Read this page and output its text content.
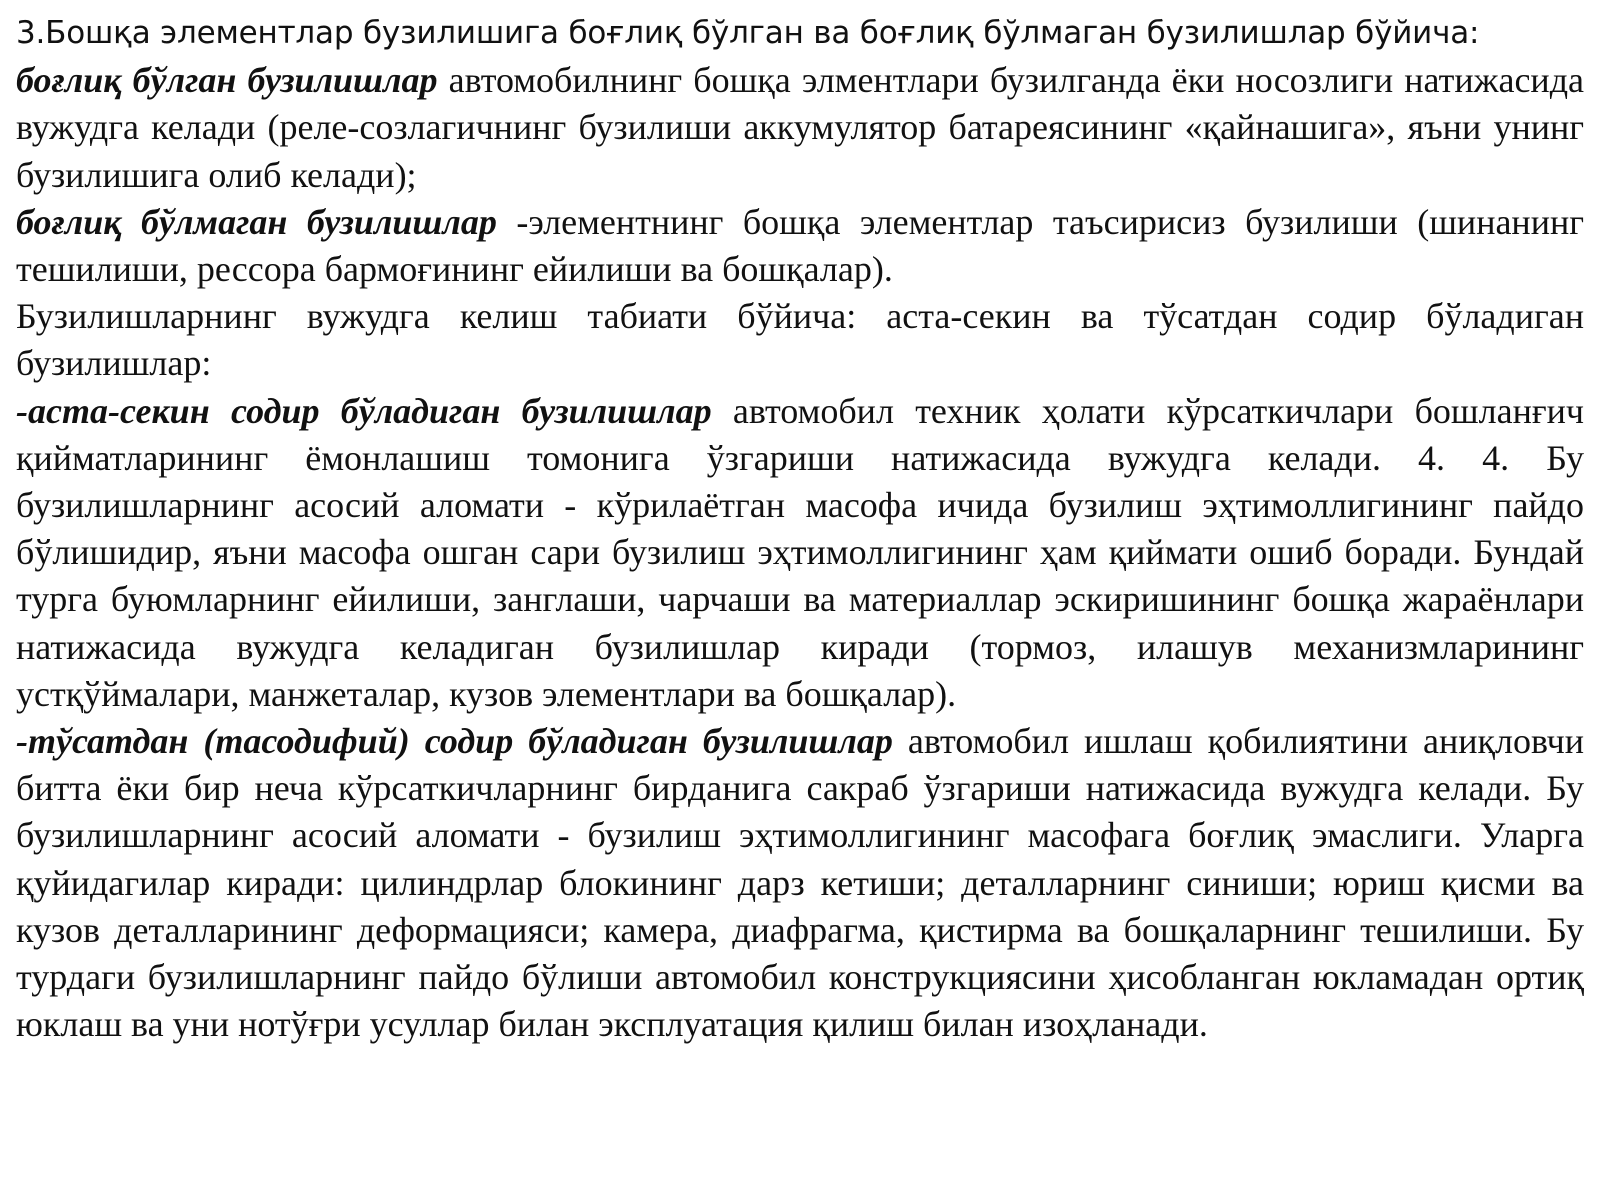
3.Бошқа элементлар бузилишига боғлиқ бўлган ва боғлиқ бўлмаган бузилишлар бўйича:

боғлиқ бўлган бузилишлар автомобилнинг бошқа элментлари бузилганда ёки носозлиги натижасида вужудга келади (реле-созлагичнинг бузилиши аккумулятор батареясининг «қайнашига», яъни унинг бузилишига олиб келади);

боғлиқ бўлмаган бузилишлар -элементнинг бошқа элементлар таъсирисиз бузилиши (шинанинг тешилиши, рессора бармоғининг ейилиши ва бошқалар).

Бузилишларнинг вужудга келиш табиати бўйича: аста-секин ва тўсатдан содир бўладиган бузилишлар:

-аста-секин содир бўладиган бузилишлар автомобил техник ҳолати кўрсаткичлари бошланғич қийматларининг ёмонлашиш томонига ўзгариши натижасида вужудга келади. 4. 4. Бу бузилишларнинг асосий аломати - кўрилаётган масофа ичида бузилиш эҳтимоллигининг пайдо бўлишидир, яъни масофа ошган сари бузилиш эҳтимоллигининг ҳам қиймати ошиб боради. Бундай турга буюмларнинг ейилиши, занглаши, чарчаши ва материаллар эскиришининг бошқа жараёнлари натижасида вужудга келадиган бузилишлар киради (тормоз, илашув механизмларининг устқўймалари, манжеталар, кузов элементлари ва бошқалар).

-тўсатдан (тасодифий) содир бўладиган бузилишлар автомобил ишлаш қобилиятини аниқловчи битта ёки бир неча кўрсаткичларнинг бирданига сакраб ўзгариши натижасида вужудга келади. Бу бузилишларнинг асосий аломати - бузилиш эҳтимоллигининг масофага боғлиқ эмаслиги. Уларга қуйидагилар киради: цилиндрлар блокининг дарз кетиши; деталларнинг синиши; юриш қисми ва кузов деталларининг деформацияси; камера, диафрагма, қистирма ва бошқаларнинг тешилиши. Бу турдаги бузилишларнинг пайдо бўлиши автомобил конструкциясини ҳисобланган юкламадан ортиқ юклаш ва уни нотўғри усуллар билан эксплуатация қилиш билан изоҳланади.
